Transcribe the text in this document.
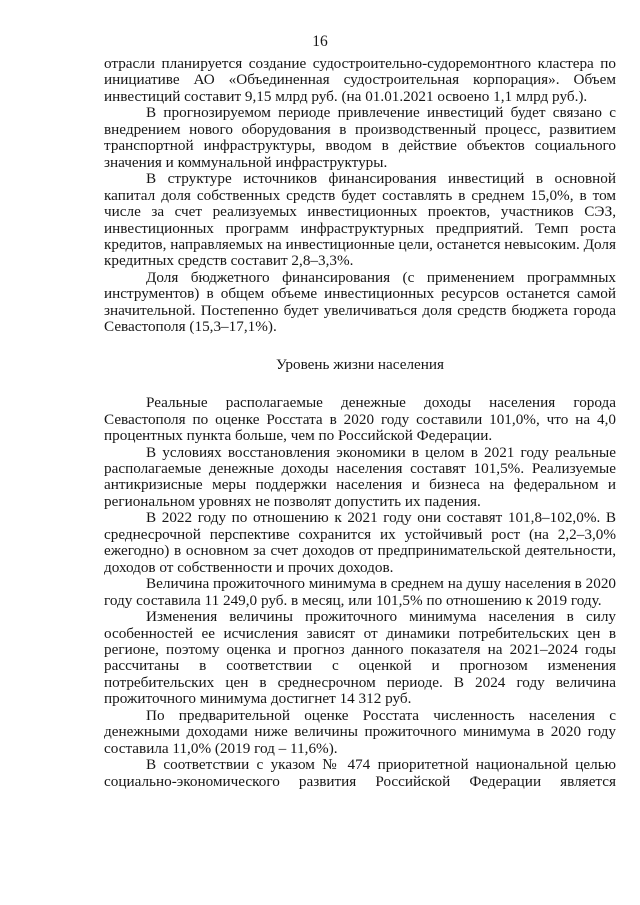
16

отрасли планируется создание судостроительно-судоремонтного кластера по инициативе АО «Объединенная судостроительная корпорация». Объем инвестиций составит 9,15 млрд руб. (на 01.01.2021 освоено 1,1 млрд руб.).

В прогнозируемом периоде привлечение инвестиций будет связано с внедрением нового оборудования в производственный процесс, развитием транспортной инфраструктуры, вводом в действие объектов социального значения и коммунальной инфраструктуры.

В структуре источников финансирования инвестиций в основной капитал доля собственных средств будет составлять в среднем 15,0%, в том числе за счет реализуемых инвестиционных проектов, участников СЭЗ, инвестиционных программ инфраструктурных предприятий. Темп роста кредитов, направляемых на инвестиционные цели, останется невысоким. Доля кредитных средств составит 2,8–3,3%.

Доля бюджетного финансирования (с применением программных инструментов) в общем объеме инвестиционных ресурсов останется самой значительной. Постепенно будет увеличиваться доля средств бюджета города Севастополя (15,3–17,1%).

Уровень жизни населения

Реальные располагаемые денежные доходы населения города Севастополя по оценке Росстата в 2020 году составили 101,0%, что на 4,0 процентных пункта больше, чем по Российской Федерации.

В условиях восстановления экономики в целом в 2021 году реальные располагаемые денежные доходы населения составят 101,5%. Реализуемые антикризисные меры поддержки населения и бизнеса на федеральном и региональном уровнях не позволят допустить их падения.

В 2022 году по отношению к 2021 году они составят 101,8–102,0%. В среднесрочной перспективе сохранится их устойчивый рост (на 2,2–3,0% ежегодно) в основном за счет доходов от предпринимательской деятельности, доходов от собственности и прочих доходов.

Величина прожиточного минимума в среднем на душу населения в 2020 году составила 11 249,0 руб. в месяц, или 101,5% по отношению к 2019 году.

Изменения величины прожиточного минимума населения в силу особенностей ее исчисления зависят от динамики потребительских цен в регионе, поэтому оценка и прогноз данного показателя на 2021–2024 годы рассчитаны в соответствии с оценкой и прогнозом изменения потребительских цен в среднесрочном периоде. В 2024 году величина прожиточного минимума достигнет 14 312 руб.

По предварительной оценке Росстата численность населения с денежными доходами ниже величины прожиточного минимума в 2020 году составила 11,0% (2019 год – 11,6%).

В соответствии с указом № 474 приоритетной национальной целью социально-экономического развития Российской Федерации является
